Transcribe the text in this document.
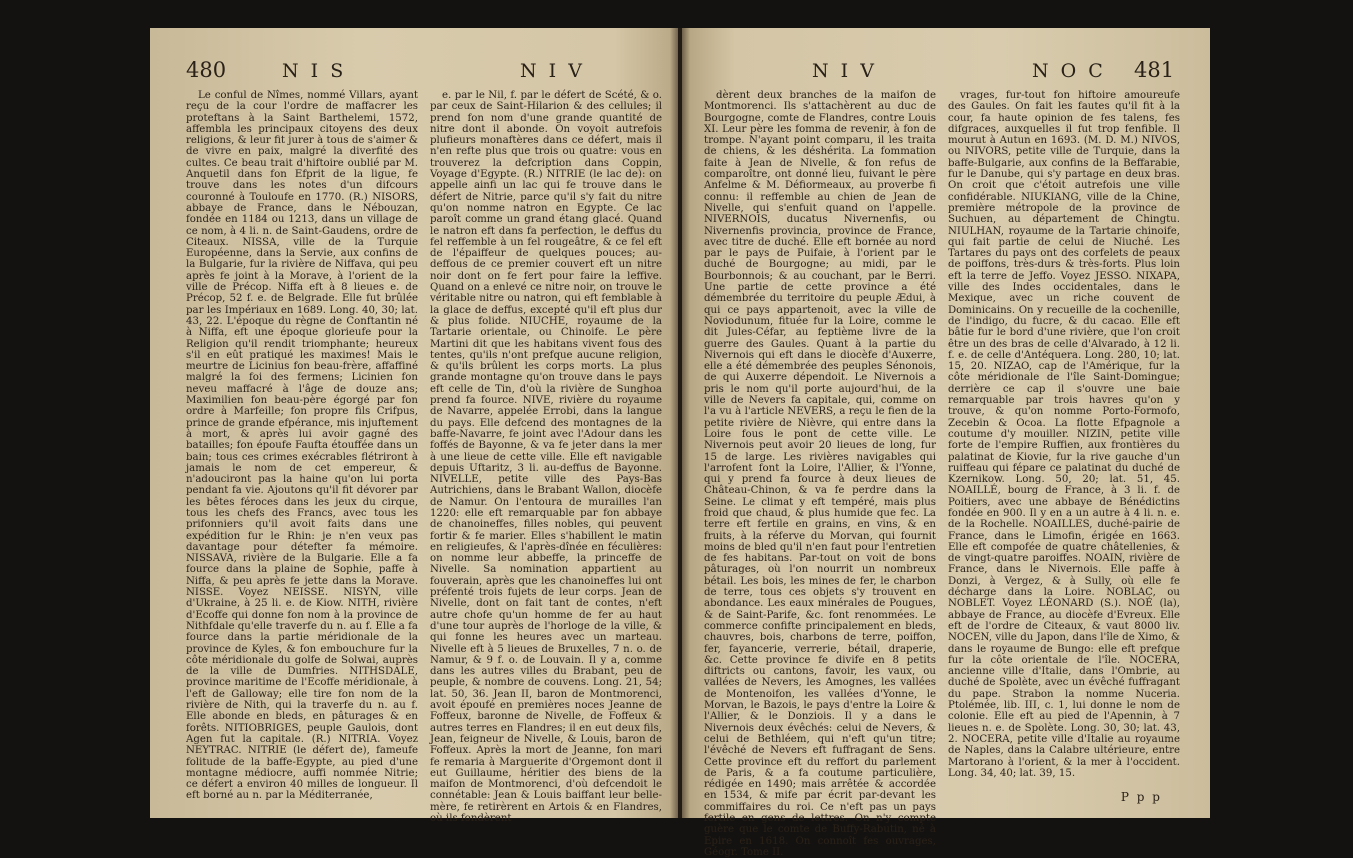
480	N I S	N I V

Le conful de Nîmes, nommé Villars, ayant reçu de la cour l'ordre de maffacrer les proteftans à la Saint Barthelemi, 1572, affembla les principaux citoyens des deux religions, & leur fit jurer à tous de s'aimer & de vivre en paix, malgré la diverfité des cultes. Ce beau trait d'hiftoire oublié par M. Anquetil dans fon Efprit de la ligue, fe trouve dans les notes d'un difcours couronné à Touloufe en 1770. (R.) NISORS, abbaye de France, dans le Nébouzan, fondée en 1184 ou 1213, dans un village de ce nom, à 4 li. n. de Saint-Gaudens, ordre de Citeaux. NISSA, ville de la Turquie Européenne, dans la Servie, aux confins de la Bulgarie, fur la rivière de Niffava, qui peu après fe joint à la Morave, à l'orient de la ville de Précop. Niffa eft à 8 lieues e. de Précop, 52 f. e. de Belgrade. Elle fut brûlée par les Impériaux en 1689. Long. 40, 30; lat. 43, 22. L'époque du règne de Conftantin né à Niffa, eft une époque glorieufe pour la Religion qu'il rendit triomphante; heureux s'il en eût pratiqué les maximes! Mais le meurtre de Licinius fon beau-frère, affaffiné malgré la foi des fermens; Licinien fon neveu maffacré à l'âge de douze ans; Maximilien fon beau-père égorgé par fon ordre à Marfeille; fon propre fils Crifpus, prince de grande efpérance, mis injuftement à mort, & après lui avoir gagné des batailles; fon époufe Faufta étouffée dans un bain; tous ces crimes exécrables flétriront à jamais le nom de cet empereur, & n'adouciront pas la haine qu'on lui porta pendant fa vie. Ajoutons qu'il fit dévorer par les bêtes féroces dans les jeux du cirque, tous les chefs des Francs, avec tous les prifonniers qu'il avoit faits dans une expédition fur le Rhin: je n'en veux pas davantage pour détefter fa mémoire. NISSAVA, rivière de la Bulgarie. Elle a fa fource dans la plaine de Sophie, paffe à Niffa, & peu après fe jette dans la Morave. NISSE. Voyez NEISSE. NISYN, ville d'Ukraine, à 25 li. e. de Kiow. NITH, rivière d'Ecoffe qui donne fon nom à la province de Nithfdale qu'elle traverfe du n. au f. Elle a fa fource dans la partie méridionale de la province de Kyles, & fon embouchure fur la côte méridionale du golfe de Solwai, auprès de la ville de Dumfries. NITHSDALE, province maritime de l'Ecoffe méridionale, à l'eft de Galloway; elle tire fon nom de la rivière de Nith, qui la traverfe du n. au f. Elle abonde en bleds, en pâturages & en forêts. NITIOBRIGES, peuple Gaulois, dont Agen fut la capitale. (R.) NITRIA. Voyez NEYTRAC. NITRIE (le défert de), fameufe folitude de la baffe-Egypte, au pied d'une montagne médiocre, auffi nommée Nitrie; ce défert a environ 40 milles de longueur. Il eft borné au n. par la Méditerranée,

e. par le Nil, f. par le défert de Scété, & o. par ceux de Saint-Hilarion & des cellules; il prend fon nom d'une grande quantité de nitre dont il abonde. On voyoit autrefois plufieurs monaftères dans ce défert, mais il n'en refte plus que trois ou quatre: vous en trouverez la defcription dans Coppin, Voyage d'Egypte. (R.) NITRIE (le lac de): on appelle ainfi un lac qui fe trouve dans le défert de Nitrie, parce qu'il s'y fait du nitre qu'on nomme natron en Egypte. Ce lac paroît comme un grand étang glacé. Quand le natron eft dans fa perfection, le deffus du fel reffemble à un fel rougeâtre, & ce fel eft de l'épaiffeur de quelques pouces; au-deffous de ce premier couvert eft un nitre noir dont on fe fert pour faire la leffive. Quand on a enlevé ce nitre noir, on trouve le véritable nitre ou natron, qui eft femblable à la glace de deffus, excepté qu'il eft plus dur & plus folide. NIUCHE, royaume de la Tartarie orientale, ou Chinoife. Le père Martini dit que les habitans vivent fous des tentes, qu'ils n'ont prefque aucune religion, & qu'ils brûlent les corps morts. La plus grande montagne qu'on trouve dans le pays eft celle de Tin, d'où la rivière de Sunghoa prend fa fource. NIVE, rivière du royaume de Navarre, appelée Errobi, dans la langue du pays. Elle defcend des montagnes de la baffe-Navarre, fe joint avec l'Adour dans les foffés de Bayonne, & va fe jeter dans la mer à une lieue de cette ville. Elle eft navigable depuis Uftaritz, 3 li. au-deffus de Bayonne. NIVELLE, petite ville des Pays-Bas Autrichiens, dans le Brabant Wallon, diocèfe de Namur. On l'entoura de murailles l'an 1220: elle eft remarquable par fon abbaye de chanoineffes, filles nobles, qui peuvent fortir & fe marier. Elles s'habillent le matin en religieufes, & l'après-dînée en féculières: on nomme leur abbeffe, la princeffe de Nivelle. Sa nomination appartient au fouverain, après que les chanoineffes lui ont préfenté trois fujets de leur corps. Jean de Nivelle, dont on fait tant de contes, n'eft autre chofe qu'un homme de fer au haut d'une tour auprès de l'horloge de la ville, & qui fonne les heures avec un marteau. Nivelle eft à 5 lieues de Bruxelles, 7 n. o. de Namur, & 9 f. o. de Louvain. Il y a, comme dans les autres villes du Brabant, peu de peuple, & nombre de couvens. Long. 21, 54; lat. 50, 36. Jean II, baron de Montmorenci, avoit époufé en premières noces Jeanne de Foffeux, baronne de Nivelle, de Foffeux & autres terres en Flandres; il en eut deux fils, Jean, feigneur de Nivelle, & Louis, baron de Foffeux. Après la mort de Jeanne, fon mari fe remaria à Marguerite d'Orgemont dont il eut Guillaume, héritier des biens de la maifon de Montmorenci, d'où defcendoit le connétable: Jean & Louis baiffant leur belle-mère, fe retirèrent en Artois & en Flandres, où ils fondèrent

N I V	N O C 481

dèrent deux branches de la maifon de Montmorenci. Ils s'attachèrent au duc de Bourgogne, comte de Flandres, contre Louis XI. Leur père les fomma de revenir, à fon de trompe. N'ayant point comparu, il les traita de chiens, & les déshérita. La fommation faite à Jean de Nivelle, & fon refus de comparoître, ont donné lieu, fuivant le père Anfelme & M. Défiormeaux, au proverbe fi connu: il reffemble au chien de Jean de Nivelle, qui s'enfuit quand on l'appelle. NIVERNOIS, ducatus Nivernenfis, ou Nivernenfis provincia, province de France, avec titre de duché. Elle eft bornée au nord par le pays de Puifaie, à l'orient par le duché de Bourgogne; au midi, par le Bourbonnois; & au couchant, par le Berri. Une partie de cette province a été démembrée du territoire du peuple Ædui, à qui ce pays appartenoit, avec la ville de Noviodunum, fituée fur la Loire, comme le dit Jules-Céfar, au feptième livre de la guerre des Gaules. Quant à la partie du Nivernois qui eft dans le diocèfe d'Auxerre, elle a été démembrée des peuples Sénonois, de qui Auxerre dépendoit. Le Nivernois a pris le nom qu'il porte aujourd'hui, de la ville de Nevers fa capitale, qui, comme on l'a vu à l'article NEVERS, a reçu le fien de la petite rivière de Nièvre, qui entre dans la Loire fous le pont de cette ville. Le Nivernois peut avoir 20 lieues de long, fur 15 de large. Les rivières navigables qui l'arrofent font la Loire, l'Allier, & l'Yonne, qui y prend fa fource à deux lieues de Château-Chinon, & va fe perdre dans la Seine. Le climat y eft tempéré, mais plus froid que chaud, & plus humide que fec. La terre eft fertile en grains, en vins, & en fruits, à la réferve du Morvan, qui fournit moins de bled qu'il n'en faut pour l'entretien de fes habitans. Par-tout on voit de bons pâturages, où l'on nourrit un nombreux bétail. Les bois, les mines de fer, le charbon de terre, tous ces objets s'y trouvent en abondance. Les eaux minérales de Pougues, & de Saint-Parife, &c. font renommées. Le commerce confifte principalement en bleds, chauvres, bois, charbons de terre, poiffon, fer, fayancerie, verrerie, bétail, draperie, &c. Cette province fe divife en 8 petits diftricts ou cantons, favoir, les vaux, ou vallées de Nevers, les Amognes, les vallées de Montenoifon, les vallées d'Yonne, le Morvan, le Bazois, le pays d'entre la Loire & l'Allier, & le Donziois. Il y a dans le Nivernois deux évêchés: celui de Nevers, & celui de Bethléem, qui n'eft qu'un titre; l'évêché de Nevers eft fuffragant de Sens. Cette province eft du reffort du parlement de Paris, & a fa coutume particulière, rédigée en 1490; mais arrêtée & accordée en 1534, & mife par écrit par-devant les commiffaires du roi. Ce n'eft pas un pays fertile en gens de lettres. On n'y compte guère que le comte de Buffy-Rabutin, né à Epire en 1618. On connoît fes ouvrages, Géogr. Tome II.

vrages, fur-tout fon hiftoire amoureufe des Gaules. On fait les fautes qu'il fit à la cour, fa haute opinion de fes talens, fes difgraces, auxquelles il fut trop fenfible. Il mourut à Autun en 1693. (M. D. M.) NIVOS, ou NIVORS, petite ville de Turquie, dans la baffe-Bulgarie, aux confins de la Beffarabie, fur le Danube, qui s'y partage en deux bras. On croit que c'étoit autrefois une ville confidérable. NIUKIANG, ville de la Chine, première métropole de la province de Suchuen, au département de Chingtu. NIULHAN, royaume de la Tartarie chinoife, qui fait partie de celui de Niuché. Les Tartares du pays ont des corfelets de peaux de poiffons, très-durs & très-forts. Plus loin eft la terre de Jeffo. Voyez JESSO. NIXAPA, ville des Indes occidentales, dans le Mexique, avec un riche couvent de Dominicains. On y recueille de la cochenille, de l'indigo, du fucre, & du cacao. Elle eft bâtie fur le bord d'une rivière, que l'on croit être un des bras de celle d'Alvarado, à 12 li. f. e. de celle d'Antéquera. Long. 280, 10; lat. 15, 20. NIZAO, cap de l'Amérique, fur la côte méridionale de l'île Saint-Domingue; derrière ce cap il s'ouvre une baie remarquable par trois havres qu'on y trouve, & qu'on nomme Porto-Formofo, Zecebin & Ocoa. La flotte Efpagnole a coutume d'y mouiller. NIZIN, petite ville forte de l'empire Ruffien, aux frontières du palatinat de Kiovie, fur la rive gauche d'un ruiffeau qui fépare ce palatinat du duché de Kzernikow. Long. 50, 20; lat. 51, 45. NOAILLÉ, bourg de France, à 3 li. f. de Poitiers, avec une abbaye de Bénédictins fondée en 900. Il y en a un autre à 4 li. n. e. de la Rochelle. NOAILLES, duché-pairie de France, dans le Limofin, érigée en 1663. Elle eft compofée de quatre châtellenies, & de vingt-quatre paroiffes. NOAIN, rivière de France, dans le Nivernois. Elle paffe à Donzi, à Vergez, & à Sully, où elle fe décharge dans la Loire. NOBLAC, ou NOBLET. Voyez LÉONARD (S.). NOÉ (la), abbaye de France, au diocèfe d'Evreux. Elle eft de l'ordre de Citeaux, & vaut 8000 liv. NOCEN, ville du Japon, dans l'île de Ximo, & dans le royaume de Bungo: elle eft prefque fur la côte orientale de l'île. NOCERA, ancienne ville d'Italie, dans l'Ombrie, au duché de Spolète, avec un évêché fuffragant du pape. Strabon la nomme Nuceria. Ptolémée, lib. III, c. 1, lui donne le nom de colonie. Elle eft au pied de l'Apennin, à 7 lieues n. e. de Spolète. Long. 30, 30; lat. 43, 2. NOCERA, petite ville d'Italie au royaume de Naples, dans la Calabre ultérieure, entre Martorano à l'orient, & la mer à l'occident. Long. 34, 40; lat. 39, 15.

P p p
